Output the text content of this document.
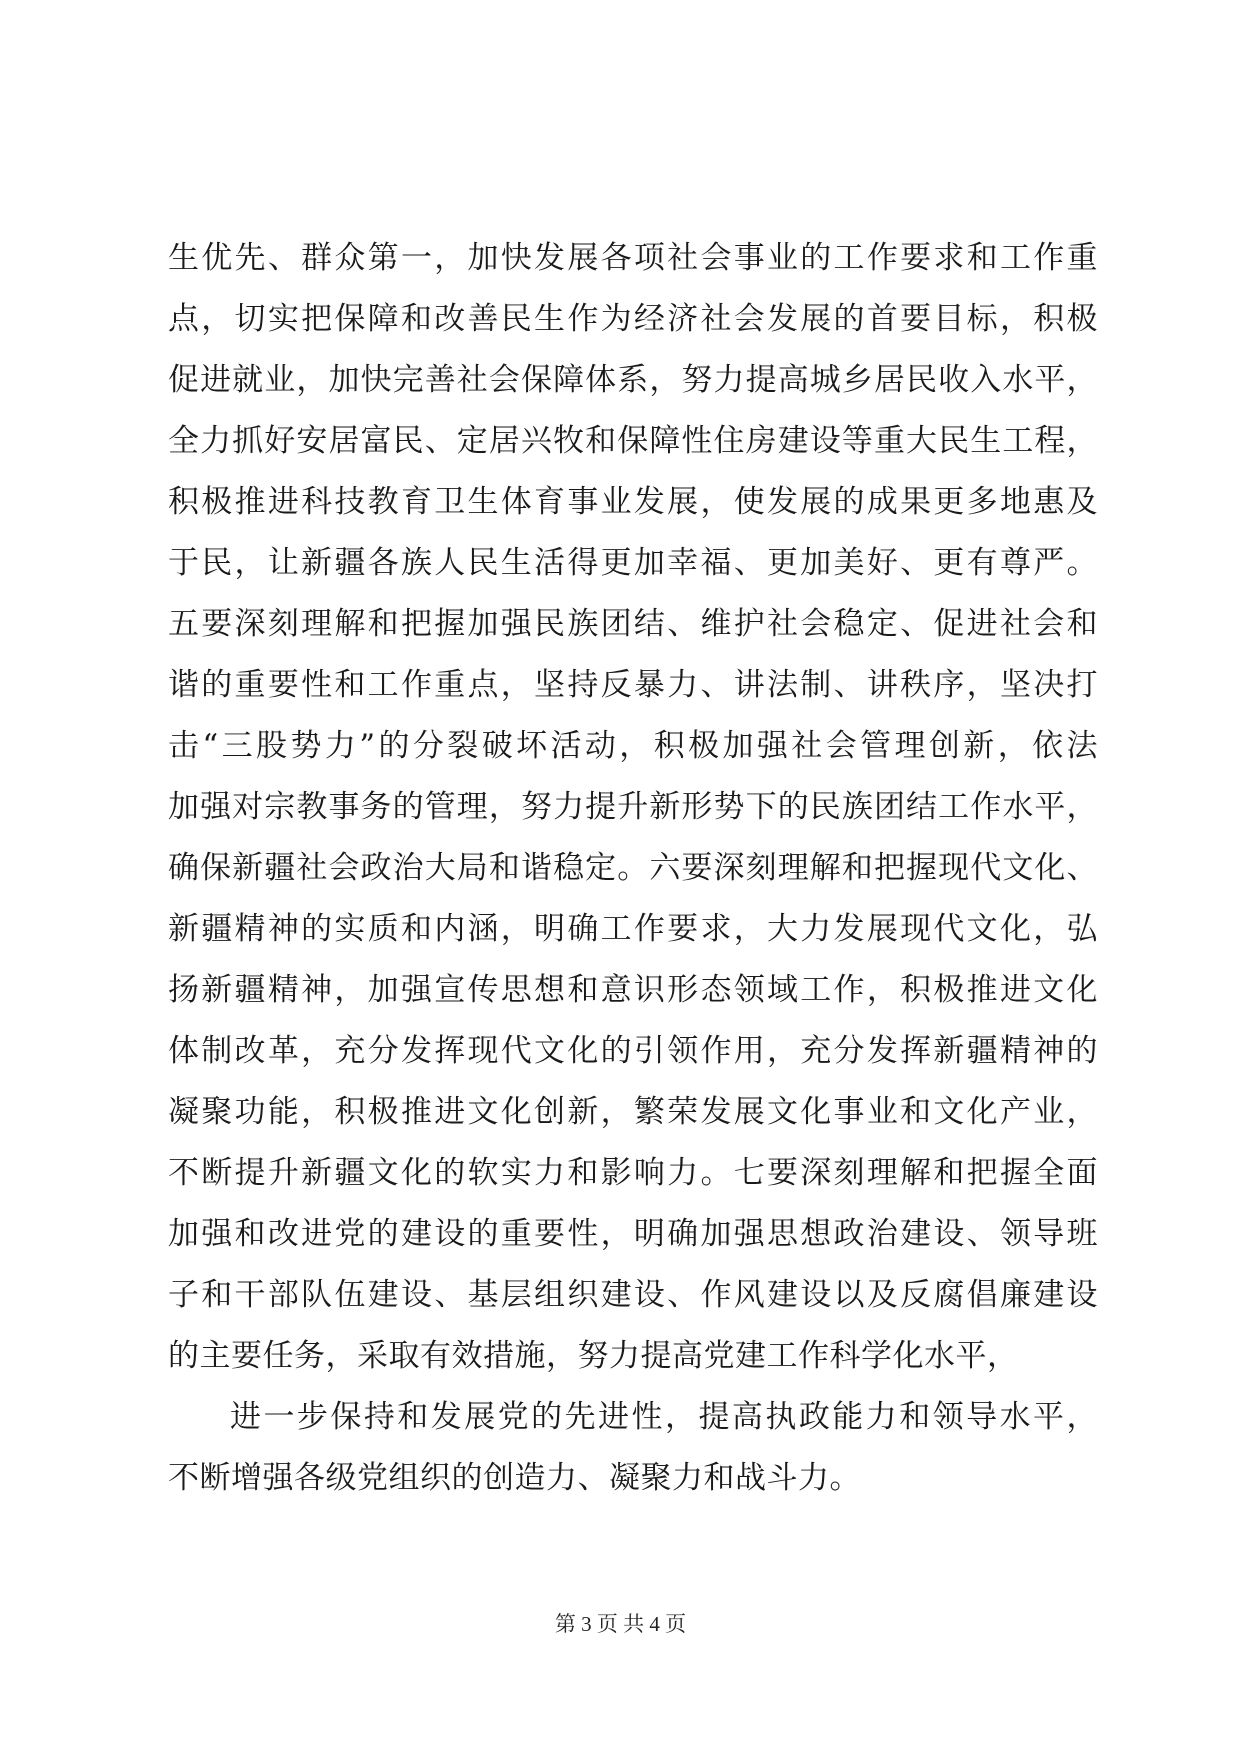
生优先、群众第一，加快发展各项社会事业的工作要求和工作重
点，切实把保障和改善民生作为经济社会发展的首要目标，积极
促进就业，加快完善社会保障体系，努力提高城乡居民收入水平，
全力抓好安居富民、定居兴牧和保障性住房建设等重大民生工程，
积极推进科技教育卫生体育事业发展，使发展的成果更多地惠及
于民，让新疆各族人民生活得更加幸福、更加美好、更有尊严。
五要深刻理解和把握加强民族团结、维护社会稳定、促进社会和
谐的重要性和工作重点，坚持反暴力、讲法制、讲秩序，坚决打
击“三股势力”的分裂破坏活动，积极加强社会管理创新，依法
加强对宗教事务的管理，努力提升新形势下的民族团结工作水平，
确保新疆社会政治大局和谐稳定。六要深刻理解和把握现代文化、
新疆精神的实质和内涵，明确工作要求，大力发展现代文化，弘
扬新疆精神，加强宣传思想和意识形态领域工作，积极推进文化
体制改革，充分发挥现代文化的引领作用，充分发挥新疆精神的
凝聚功能，积极推进文化创新，繁荣发展文化事业和文化产业，
不断提升新疆文化的软实力和影响力。七要深刻理解和把握全面
加强和改进党的建设的重要性，明确加强思想政治建设、领导班
子和干部队伍建设、基层组织建设、作风建设以及反腐倡廉建设
的主要任务，采取有效措施，努力提高党建工作科学化水平，
进一步保持和发展党的先进性，提高执政能力和领导水平，
不断增强各级党组织的创造力、凝聚力和战斗力。
第 3 页 共 4 页
